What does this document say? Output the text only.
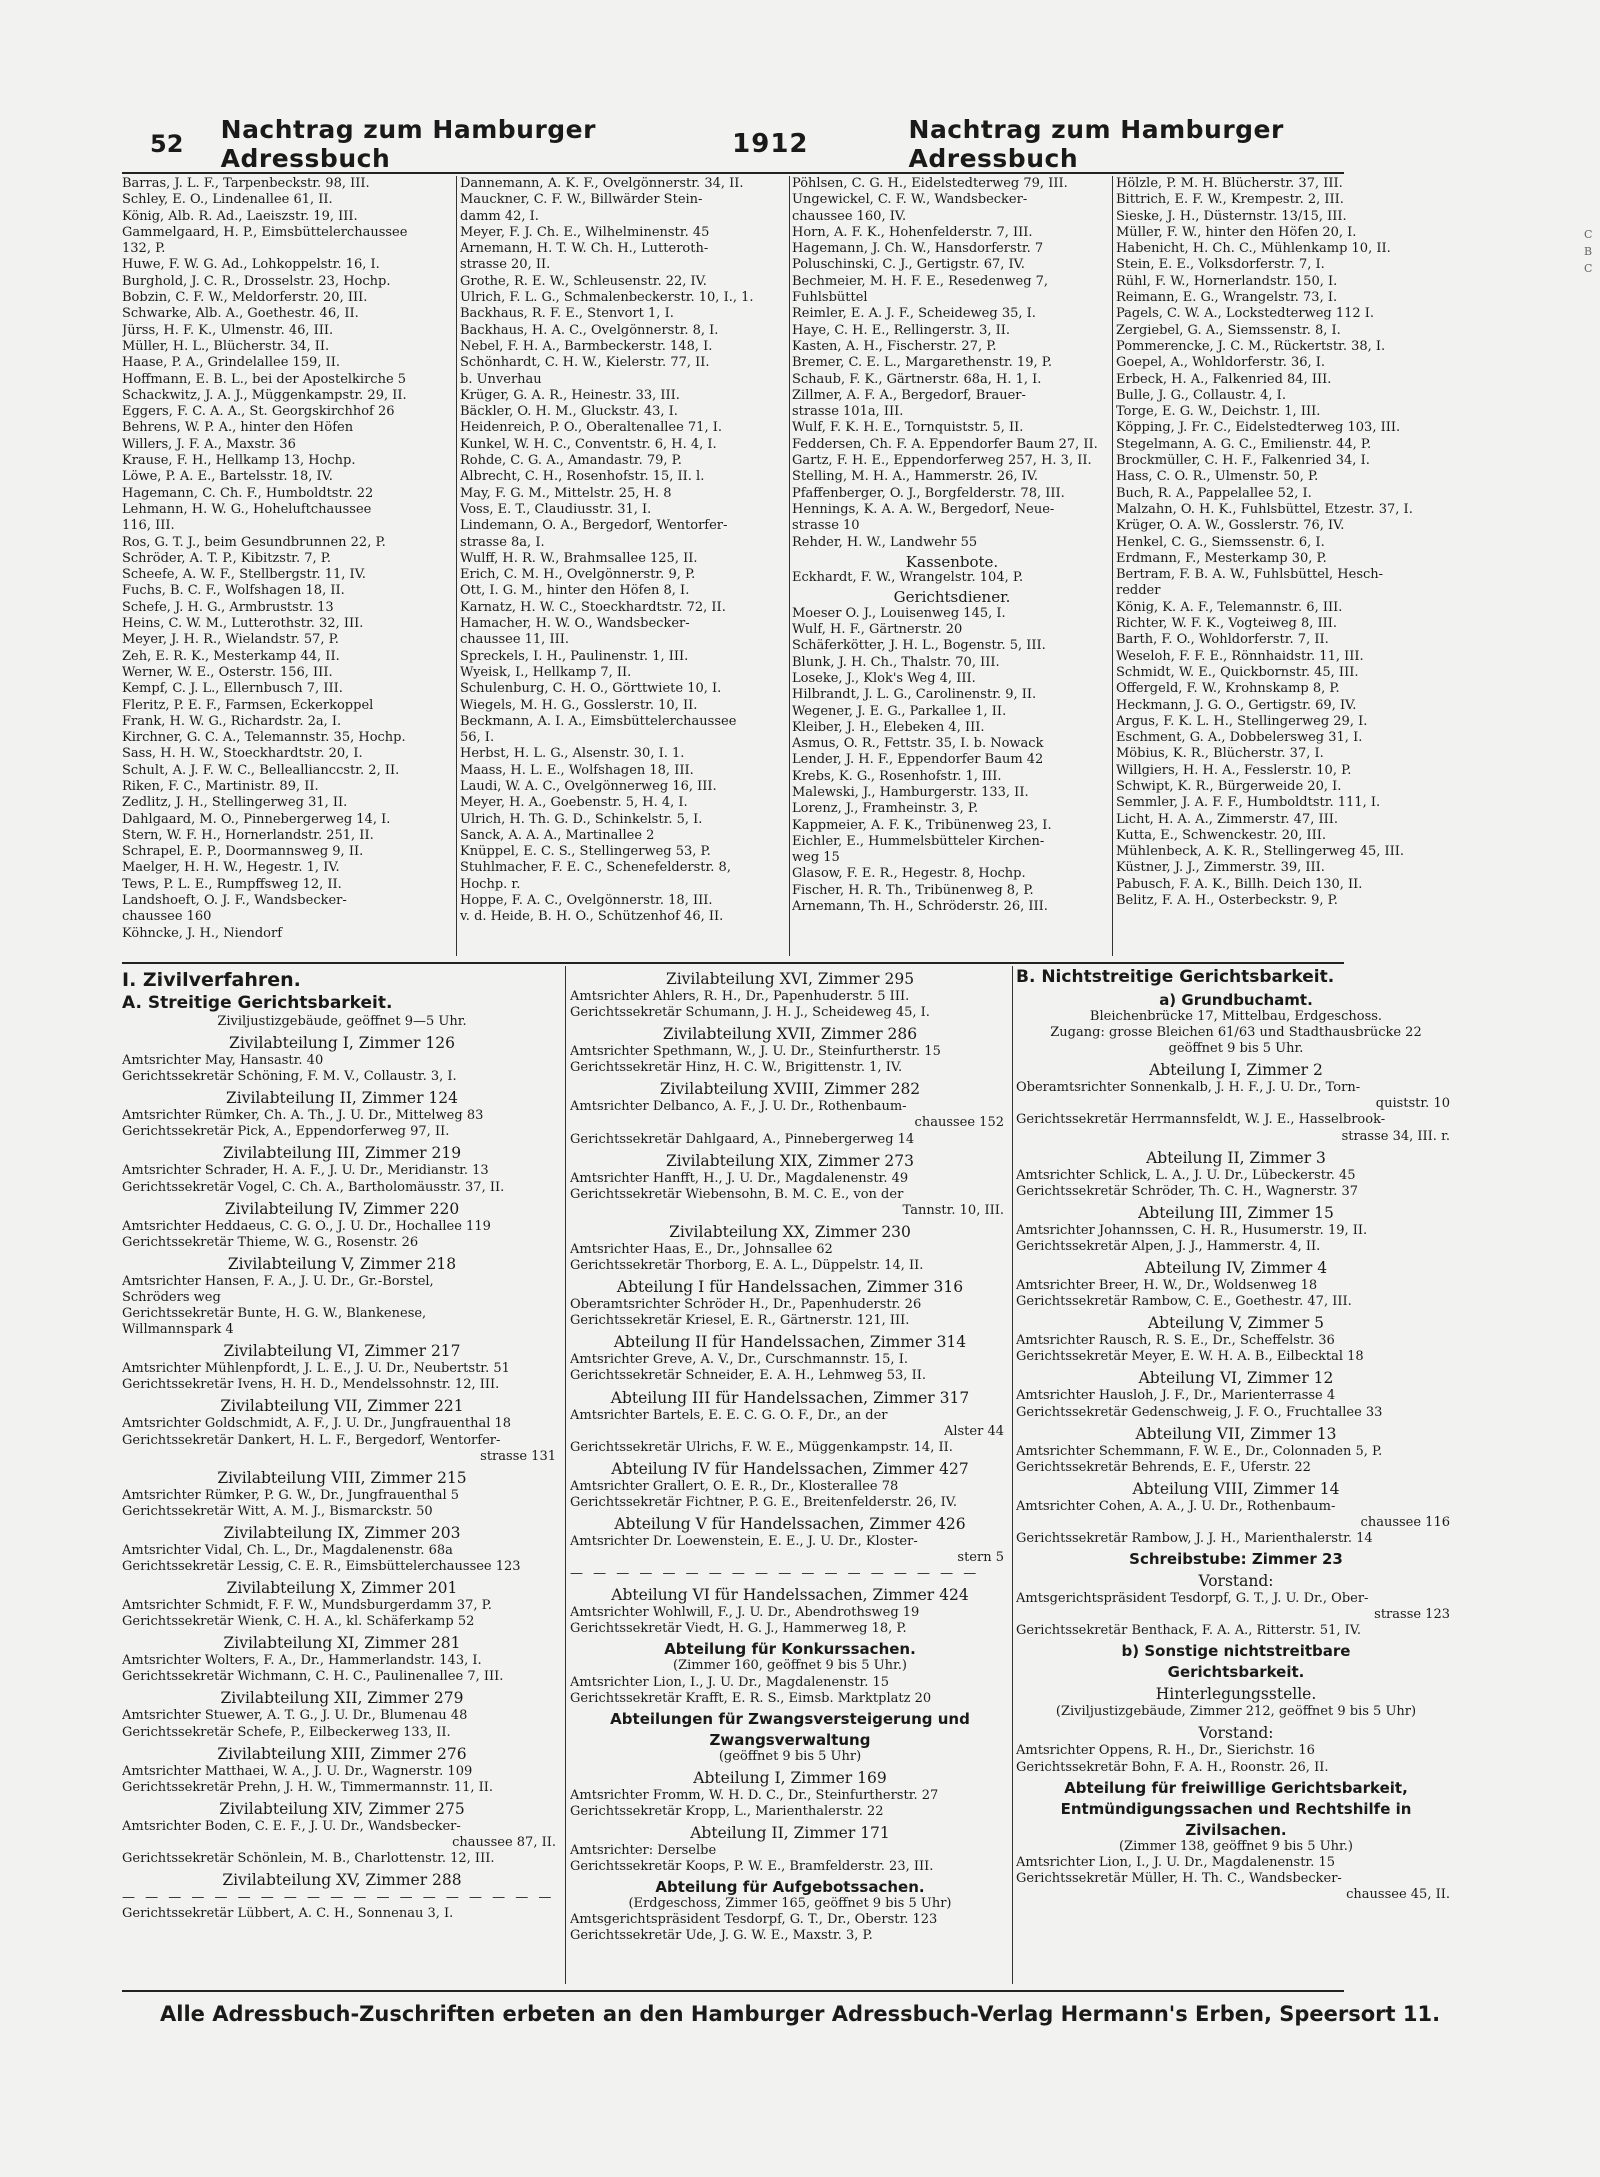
52	Nachtrag zum Hamburger Adressbuch	1912	Nachtrag zum Hamburger Adressbuch
Barras, J. L. F., Tarpenbeckstr. 98, III.
Schley, E. O., Lindenallee 61, II.
König, Alb. R. Ad., Laeiszstr. 19, III.
Gammelgaard, H. P., Eimsbüttelerchaussee
132, P.
Huwe, F. W. G. Ad., Lohkoppelstr. 16, I.
Burghold, J. C. R., Drosselstr. 23, Hochp.
Bobzin, C. F. W., Meldorferstr. 20, III.
Schwarke, Alb. A., Goethestr. 46, II.
Jürss, H. F. K., Ulmenstr. 46, III.
Müller, H. L., Blücherstr. 34, II.
Haase, P. A., Grindelallee 159, II.
Hoffmann, E. B. L., bei der Apostelkirche 5
Schackwitz, J. A. J., Müggenkampstr. 29, II.
Eggers, F. C. A. A., St. Georgskirchhof 26
Behrens, W. P. A., hinter den Höfen
Willers, J. F. A., Maxstr. 36
Krause, F. H., Hellkamp 13, Hochp.
Löwe, P. A. E., Bartelsstr. 18, IV.
Hagemann, C. Ch. F., Humboldtstr. 22
Lehmann, H. W. G., Hoheluftchaussee
116, III.
Ros, G. T. J., beim Gesundbrunnen 22, P.
Schröder, A. T. P., Kibitzstr. 7, P.
Scheefe, A. W. F., Stellbergstr. 11, IV.
Fuchs, B. C. F., Wolfshagen 18, II.
Schefe, J. H. G., Armbruststr. 13
Heins, C. W. M., Lutterothstr. 32, III.
Meyer, J. H. R., Wielandstr. 57, P.
Zeh, E. R. K., Mesterkamp 44, II.
Werner, W. E., Osterstr. 156, III.
Kempf, C. J. L., Ellernbusch 7, III.
Fleritz, P. E. F., Farmsen, Eckerkoppel
Frank, H. W. G., Richardstr. 2a, I.
Kirchner, G. C. A., Telemannstr. 35, Hochp.
Sass, H. H. W., Stoeckhardtstr. 20, I.
Schult, A. J. F. W. C., Belleallianccstr. 2, II.
Riken, F. C., Martinistr. 89, II.
Zedlitz, J. H., Stellingerweg 31, II.
Dahlgaard, M. O., Pinnebergerweg 14, I.
Stern, W. F. H., Hornerlandstr. 251, II.
Schrapel, E. P., Doormannsweg 9, II.
Maelger, H. H. W., Hegestr. 1, IV.
Tews, P. L. E., Rumpffsweg 12, II.
Landshoeft, O. J. F., Wandsbecker-
chaussee 160
Köhncke, J. H., Niendorf
Dannemann, A. K. F., Övelgönnerstr. 34, II.
Mauckner, C. F. W., Billwärder Stein-
damm 42, I.
Meyer, F. J. Ch. E., Wilhelminenstr. 45
Arnemann, H. T. W. Ch. H., Lutteroth-
strasse 20, II.
Grothe, R. E. W., Schleusenstr. 22, IV.
Ulrich, F. L. G., Schmalenbeckerstr. 10, I., 1.
Backhaus, R. F. E., Stenvort 1, I.
Backhaus, H. A. C., Övelgönnerstr. 8, I.
Nebel, F. H. A., Barmbeckerstr. 148, I.
Schönhardt, C. H. W., Kielerstr. 77, II.
b. Unverhau
Krüger, G. A. R., Heinestr. 33, III.
Bäckler, O. H. M., Gluckstr. 43, I.
Heidenreich, P. O., Oberaltenallee 71, I.
Kunkel, W. H. C., Conventstr. 6, H. 4, I.
Rohde, C. G. A., Amandastr. 79, P.
Albrecht, C. H., Rosenhofstr. 15, II. l.
May, F. G. M., Mittelstr. 25, H. 8
Voss, E. T., Claudiusstr. 31, I.
Lindemann, O. A., Bergedorf, Wentorfer-
strasse 8a, I.
Wulff, H. R. W., Brahmsallee 125, II.
Erich, C. M. H., Övelgönnerstr. 9, P.
Ott, I. G. M., hinter den Höfen 8, I.
Karnatz, H. W. C., Stoeckhardtstr. 72, II.
Hamacher, H. W. O., Wandsbecker-
chaussee 11, III.
Spreckels, I. H., Paulinenstr. 1, III.
Wyeisk, I., Hellkamp 7, II.
Schulenburg, C. H. O., Görttwiete 10, I.
Wiegels, M. H. G., Gosslerstr. 10, II.
Beckmann, A. I. A., Eimsbüttelerchaussee
56, I.
Herbst, H. L. G., Alsenstr. 30, I. 1.
Maass, H. L. E., Wolfshagen 18, III.
Laudi, W. A. C., Övelgönnerweg 16, III.
Meyer, H. A., Goebenstr. 5, H. 4, I.
Ulrich, H. Th. G. D., Schinkelstr. 5, I.
Sanck, A. A. A., Martinallee 2
Knüppel, E. C. S., Stellingerweg 53, P.
Stuhlmacher, F. E. C., Schenefelderstr. 8,
Hochp. r.
Hoppe, F. A. C., Övelgönnerstr. 18, III.
v. d. Heide, B. H. O., Schützenhof 46, II.
Pöhlsen, C. G. H., Eidelstedterweg 79, III.
Ungewickel, C. F. W., Wandsbecker-
chaussee 160, IV.
Horn, A. F. K., Hohenfelderstr. 7, III.
Hagemann, J. Ch. W., Hansdorferstr. 7
Poluschinski, C. J., Gertigstr. 67, IV.
Bechmeier, M. H. F. E., Resedenweg 7,
Fuhlsbüttel
Reimler, E. A. J. F., Scheideweg 35, I.
Haye, C. H. E., Rellingerstr. 3, II.
Kasten, A. H., Fischerstr. 27, P.
Bremer, C. E. L., Margarethenstr. 19, P.
Schaub, F. K., Gärtnerstr. 68a, H. 1, I.
Zillmer, A. F. A., Bergedorf, Brauer-
strasse 101a, III.
Wulf, F. K. H. E., Tornquiststr. 5, II.
Feddersen, Ch. F. A. Eppendorfer Baum 27, II.
Gartz, F. H. E., Eppendorferweg 257, H. 3, II.
Stelling, M. H. A., Hammerstr. 26, IV.
Pfaffenberger, O. J., Borgfelderstr. 78, III.
Hennings, K. A. A. W., Bergedorf, Neue-
strasse 10
Rehder, H. W., Landwehr 55
Kassenbote.
Eckhardt, F. W., Wrangelstr. 104, P.
Gerichtsdiener.
Moeser O. J., Louisenweg 145, I.
Wulf, H. F., Gärtnerstr. 20
Schäferkötter, J. H. L., Bogenstr. 5, III.
Blunk, J. H. Ch., Thalstr. 70, III.
Loseke, J., Klok's Weg 4, III.
Hilbrandt, J. L. G., Carolinenstr. 9, II.
Wegener, J. E. G., Parkallee 1, II.
Kleiber, J. H., Elebeken 4, III.
Asmus, O. R., Fettstr. 35, I. b. Nowack
Lender, J. H. F., Eppendorfer Baum 42
Krebs, K. G., Rosenhofstr. 1, III.
Malewski, J., Hamburgerstr. 133, II.
Lorenz, J., Framheinstr. 3, P.
Kappmeier, A. F. K., Tribünenweg 23, I.
Eichler, E., Hummelsbütteler Kirchen-
weg 15
Glasow, F. E. R., Hegestr. 8, Hochp.
Fischer, H. R. Th., Tribünenweg 8, P.
Arnemann, Th. H., Schröderstr. 26, III.
Hölzle, P. M. H. Blücherstr. 37, III.
Bittrich, E. F. W., Krempestr. 2, III.
Sieske, J. H., Düsternstr. 13/15, III.
Müller, F. W., hinter den Höfen 20, I.
Habenicht, H. Ch. C., Mühlenkamp 10, II.
Stein, E. E., Volksdorferstr. 7, I.
Rühl, F. W., Hornerlandstr. 150, I.
Reimann, E. G., Wrangelstr. 73, I.
Pagels, C. W. A., Lockstedterweg 112 I.
Zergiebel, G. A., Siemssenstr. 8, I.
Pommerencke, J. C. M., Rückertstr. 38, I.
Goepel, A., Wohldorferstr. 36, I.
Erbeck, H. A., Falkenried 84, III.
Bulle, J. G., Collaustr. 4, I.
Torge, E. G. W., Deichstr. 1, III.
Köpping, J. Fr. C., Eidelstedterweg 103, III.
Stegelmann, A. G. C., Emilienstr. 44, P.
Brockmüller, C. H. F., Falkenried 34, I.
Hass, C. O. R., Ulmenstr. 50, P.
Buch, R. A., Pappelallee 52, I.
Malzahn, O. H. K., Fuhlsbüttel, Etzestr. 37, I.
Krüger, O. A. W., Gosslerstr. 76, IV.
Henkel, C. G., Siemssenstr. 6, I.
Erdmann, F., Mesterkamp 30, P.
Bertram, F. B. A. W., Fuhlsbüttel, Hesch-
redder
König, K. A. F., Telemannstr. 6, III.
Richter, W. F. K., Vogteiweg 8, III.
Barth, F. O., Wohldorferstr. 7, II.
Weseloh, F. F. E., Rönnhaidstr. 11, III.
Schmidt, W. E., Quickbornstr. 45, III.
Offergeld, F. W., Krohnskamp 8, P.
Heckmann, J. G. O., Gertigstr. 69, IV.
Argus, F. K. L. H., Stellingerweg 29, I.
Eschment, G. A., Dobbelersweg 31, I.
Möbius, K. R., Blücherstr. 37, I.
Willgiers, H. H. A., Fesslerstr. 10, P.
Schwipt, K. R., Bürgerweide 20, I.
Semmler, J. A. F. F., Humboldtstr. 111, I.
Licht, H. A. A., Zimmerstr. 47, III.
Kutta, E., Schwenckestr. 20, III.
Mühlenbeck, A. K. R., Stellingerweg 45, III.
Küstner, J. J., Zimmerstr. 39, III.
Pabusch, F. A. K., Billh. Deich 130, II.
Belitz, F. A. H., Osterbeckstr. 9, P.
I. Zivilverfahren.
A. Streitige Gerichtsbarkeit.
Ziviljustizgebäude, geöffnet 9—5 Uhr.
Zivilabteilung I, Zimmer 126
Amtsrichter May, Hansastr. 40
Gerichtssekretär Schöning, F. M. V., Collaustr. 3, I.
Zivilabteilung II, Zimmer 124
Amtsrichter Rümker, Ch. A. Th., J. U. Dr., Mittelweg 83
Gerichtssekretär Pick, A., Eppendorferweg 97, II.
Zivilabteilung III, Zimmer 219
Amtsrichter Schrader, H. A. F., J. U. Dr., Meridianstr. 13
Gerichtssekretär Vogel, C. Ch. A., Bartholomäusstr. 37, II.
Zivilabteilung IV, Zimmer 220
Amtsrichter Heddaeus, C. G. O., J. U. Dr., Hochallee 119
Gerichtssekretär Thieme, W. G., Rosenstr. 26
Zivilabteilung V, Zimmer 218
Amtsrichter Hansen, F. A., J. U. Dr., Gr.-Borstel,
Schröders weg
Gerichtssekretär Bunte, H. G. W., Blankenese,
Willmannspark 4
Zivilabteilung VI, Zimmer 217
Amtsrichter Mühlenpfordt, J. L. E., J. U. Dr., Neubertstr. 51
Gerichtssekretär Ivens, H. H. D., Mendelssohnstr. 12, III.
Zivilabteilung VII, Zimmer 221
Amtsrichter Goldschmidt, A. F., J. U. Dr., Jungfrauenthal 18
Gerichtssekretär Dankert, H. L. F., Bergedorf, Wentorfer-
strasse 131
Zivilabteilung VIII, Zimmer 215
Amtsrichter Rümker, P. G. W., Dr., Jungfrauenthal 5
Gerichtssekretär Witt, A. M. J., Bismarckstr. 50
Zivilabteilung IX, Zimmer 203
Amtsrichter Vidal, Ch. L., Dr., Magdalenenstr. 68a
Gerichtssekretär Lessig, C. E. R., Eimsbüttelerchaussee 123
Zivilabteilung X, Zimmer 201
Amtsrichter Schmidt, F. F. W., Mundsburgerdamm 37, P.
Gerichtssekretär Wienk, C. H. A., kl. Schäferkamp 52
Zivilabteilung XI, Zimmer 281
Amtsrichter Wolters, F. A., Dr., Hammerlandstr. 143, I.
Gerichtssekretär Wichmann, C. H. C., Paulinenallee 7, III.
Zivilabteilung XII, Zimmer 279
Amtsrichter Stuewer, A. T. G., J. U. Dr., Blumenau 48
Gerichtssekretär Schefe, P., Eilbeckerweg 133, II.
Zivilabteilung XIII, Zimmer 276
Amtsrichter Matthaei, W. A., J. U. Dr., Wagnerstr. 109
Gerichtssekretär Prehn, J. H. W., Timmermannstr. 11, II.
Zivilabteilung XIV, Zimmer 275
Amtsrichter Boden, C. E. F., J. U. Dr., Wandsbecker-
chaussee 87, II.
Gerichtssekretär Schönlein, M. B., Charlottenstr. 12, III.
Zivilabteilung XV, Zimmer 288
— — — — — — — — — — — — — — — — — — —
Gerichtssekretär Lübbert, A. C. H., Sonnenau 3, I.
Zivilabteilung XVI, Zimmer 295
Amtsrichter Ahlers, R. H., Dr., Papenhuderstr. 5 III.
Gerichtssekretär Schumann, J. H. J., Scheideweg 45, I.
Zivilabteilung XVII, Zimmer 286
Amtsrichter Spethmann, W., J. U. Dr., Steinfurtherstr. 15
Gerichtssekretär Hinz, H. C. W., Brigittenstr. 1, IV.
Zivilabteilung XVIII, Zimmer 282
Amtsrichter Delbanco, A. F., J. U. Dr., Rothenbaum-
chaussee 152
Gerichtssekretär Dahlgaard, A., Pinnebergerweg 14
Zivilabteilung XIX, Zimmer 273
Amtsrichter Hanfft, H., J. U. Dr., Magdalenenstr. 49
Gerichtssekretär Wiebensohn, B. M. C. E., von der
Tannstr. 10, III.
Zivilabteilung XX, Zimmer 230
Amtsrichter Haas, E., Dr., Johnsallee 62
Gerichtssekretär Thorborg, E. A. L., Düppelstr. 14, II.
Abteilung I für Handelssachen, Zimmer 316
Oberamtsrichter Schröder H., Dr., Papenhuderstr. 26
Gerichtssekretär Kriesel, E. R., Gärtnerstr. 121, III.
Abteilung II für Handelssachen, Zimmer 314
Amtsrichter Greve, A. V., Dr., Curschmannstr. 15, I.
Gerichtssekretär Schneider, E. A. H., Lehmweg 53, II.
Abteilung III für Handelssachen, Zimmer 317
Amtsrichter Bartels, E. E. C. G. O. F., Dr., an der
Alster 44
Gerichtssekretär Ulrichs, F. W. E., Müggenkampstr. 14, II.
Abteilung IV für Handelssachen, Zimmer 427
Amtsrichter Grallert, O. E. R., Dr., Klosterallee 78
Gerichtssekretär Fichtner, P. G. E., Breitenfelderstr. 26, IV.
Abteilung V für Handelssachen, Zimmer 426
Amtsrichter Dr. Loewenstein, E. E., J. U. Dr., Kloster-
stern 5
— — — — — — — — — — — — — — — — — —
Abteilung VI für Handelssachen, Zimmer 424
Amtsrichter Wohlwill, F., J. U. Dr., Abendrothsweg 19
Gerichtssekretär Viedt, H. G. J., Hammerweg 18, P.
Abteilung für Konkurssachen.
(Zimmer 160, geöffnet 9 bis 5 Uhr.)
Amtsrichter Lion, I., J. U. Dr., Magdalenenstr. 15
Gerichtssekretär Krafft, E. R. S., Eimsb. Marktplatz 20
Abteilungen für Zwangsversteigerung und
Zwangsverwaltung
(geöffnet 9 bis 5 Uhr)
Abteilung I, Zimmer 169
Amtsrichter Fromm, W. H. D. C., Dr., Steinfurtherstr. 27
Gerichtssekretär Kropp, L., Marienthalerstr. 22
Abteilung II, Zimmer 171
Amtsrichter: Derselbe
Gerichtssekretär Koops, P. W. E., Bramfelderstr. 23, III.
Abteilung für Aufgebotssachen.
(Erdgeschoss, Zimmer 165, geöffnet 9 bis 5 Uhr)
Amtsgerichtspräsident Tesdorpf, G. T., Dr., Oberstr. 123
Gerichtssekretär Ude, J. G. W. E., Maxstr. 3, P.
B. Nichtstreitige Gerichtsbarkeit.
a) Grundbuchamt.
Bleichenbrücke 17, Mittelbau, Erdgeschoss.
Zugang: grosse Bleichen 61/63 und Stadthausbrücke 22
geöffnet 9 bis 5 Uhr.
Abteilung I, Zimmer 2
Oberamtsrichter Sonnenkalb, J. H. F., J. U. Dr., Torn-
quiststr. 10
Gerichtssekretär Herrmannsfeldt, W. J. E., Hasselbrook-
strasse 34, III. r.
Abteilung II, Zimmer 3
Amtsrichter Schlick, L. A., J. U. Dr., Lübeckerstr. 45
Gerichtssekretär Schröder, Th. C. H., Wagnerstr. 37
Abteilung III, Zimmer 15
Amtsrichter Johannssen, C. H. R., Husumerstr. 19, II.
Gerichtssekretär Alpen, J. J., Hammerstr. 4, II.
Abteilung IV, Zimmer 4
Amtsrichter Breer, H. W., Dr., Woldsenweg 18
Gerichtssekretär Rambow, C. E., Goethestr. 47, III.
Abteilung V, Zimmer 5
Amtsrichter Rausch, R. S. E., Dr., Scheffelstr. 36
Gerichtssekretär Meyer, E. W. H. A. B., Eilbecktal 18
Abteilung VI, Zimmer 12
Amtsrichter Hausloh, J. F., Dr., Marienterrasse 4
Gerichtssekretär Gedenschweig, J. F. O., Fruchtallee 33
Abteilung VII, Zimmer 13
Amtsrichter Schemmann, F. W. E., Dr., Colonnaden 5, P.
Gerichtssekretär Behrends, E. F., Uferstr. 22
Abteilung VIII, Zimmer 14
Amtsrichter Cohen, A. A., J. U. Dr., Rothenbaum-
chaussee 116
Gerichtssekretär Rambow, J. J. H., Marienthalerstr. 14
Schreibstube: Zimmer 23
Vorstand:
Amtsgerichtspräsident Tesdorpf, G. T., J. U. Dr., Ober-
strasse 123
Gerichtssekretär Benthack, F. A. A., Ritterstr. 51, IV.
b) Sonstige nichtstreitbare
Gerichtsbarkeit.
Hinterlegungsstelle.
(Ziviljustizgebäude, Zimmer 212, geöffnet 9 bis 5 Uhr)
Vorstand:
Amtsrichter Oppens, R. H., Dr., Sierichstr. 16
Gerichtssekretär Bohn, F. A. H., Roonstr. 26, II.
Abteilung für freiwillige Gerichtsbarkeit,
Entmündigungssachen und Rechtshilfe in
Zivilsachen.
(Zimmer 138, geöffnet 9 bis 5 Uhr.)
Amtsrichter Lion, I., J. U. Dr., Magdalenenstr. 15
Gerichtssekretär Müller, H. Th. C., Wandsbecker-
chaussee 45, II.
Alle Adressbuch-Zuschriften erbeten an den Hamburger Adressbuch-Verlag Hermann's Erben, Speersort 11.
C
B
C
